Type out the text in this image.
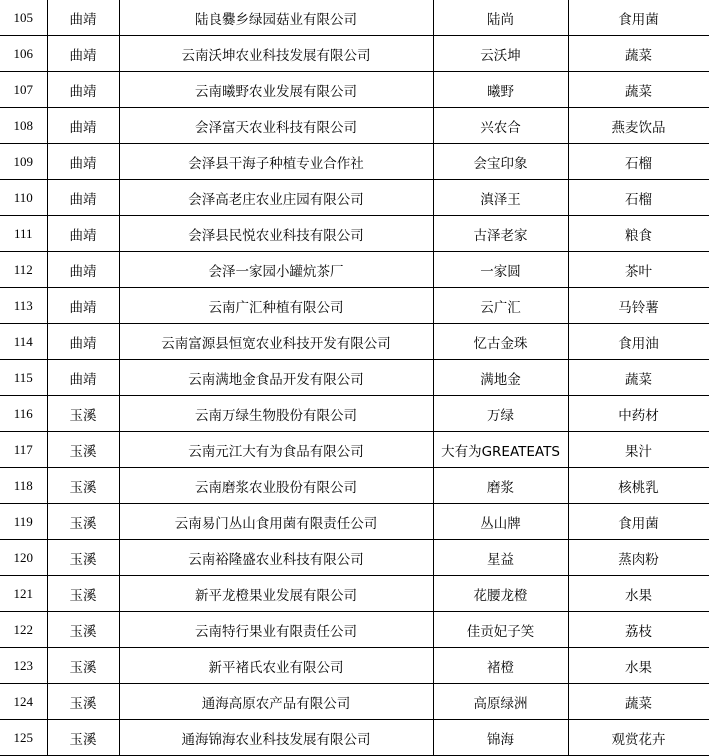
105	曲靖	陆良爨乡绿园菇业有限公司	陆尚	食用菌
106	曲靖	云南沃坤农业科技发展有限公司	云沃坤	蔬菜
107	曲靖	云南曦野农业发展有限公司	曦野	蔬菜
108	曲靖	会泽富天农业科技有限公司	兴农合	燕麦饮品
109	曲靖	会泽县干海子种植专业合作社	会宝印象	石榴
110	曲靖	会泽高老庄农业庄园有限公司	滇泽王	石榴
111	曲靖	会泽县民悦农业科技有限公司	古泽老家	粮食
112	曲靖	会泽一家园小罐炕茶厂	一家圆	茶叶
113	曲靖	云南广汇种植有限公司	云广汇	马铃薯
114	曲靖	云南富源县恒宽农业科技开发有限公司	忆古金珠	食用油
115	曲靖	云南满地金食品开发有限公司	满地金	蔬菜
116	玉溪	云南万绿生物股份有限公司	万绿	中药材
117	玉溪	云南元江大有为食品有限公司	大有为GREATEATS	果汁
118	玉溪	云南磨浆农业股份有限公司	磨浆	核桃乳
119	玉溪	云南易门丛山食用菌有限责任公司	丛山牌	食用菌
120	玉溪	云南裕隆盛农业科技有限公司	星益	蒸肉粉
121	玉溪	新平龙橙果业发展有限公司	花腰龙橙	水果
122	玉溪	云南特行果业有限责任公司	佳贡妃子笑	荔枝
123	玉溪	新平褚氏农业有限公司	褚橙	水果
124	玉溪	通海高原农产品有限公司	高原绿洲	蔬菜
125	玉溪	通海锦海农业科技发展有限公司	锦海	观赏花卉
